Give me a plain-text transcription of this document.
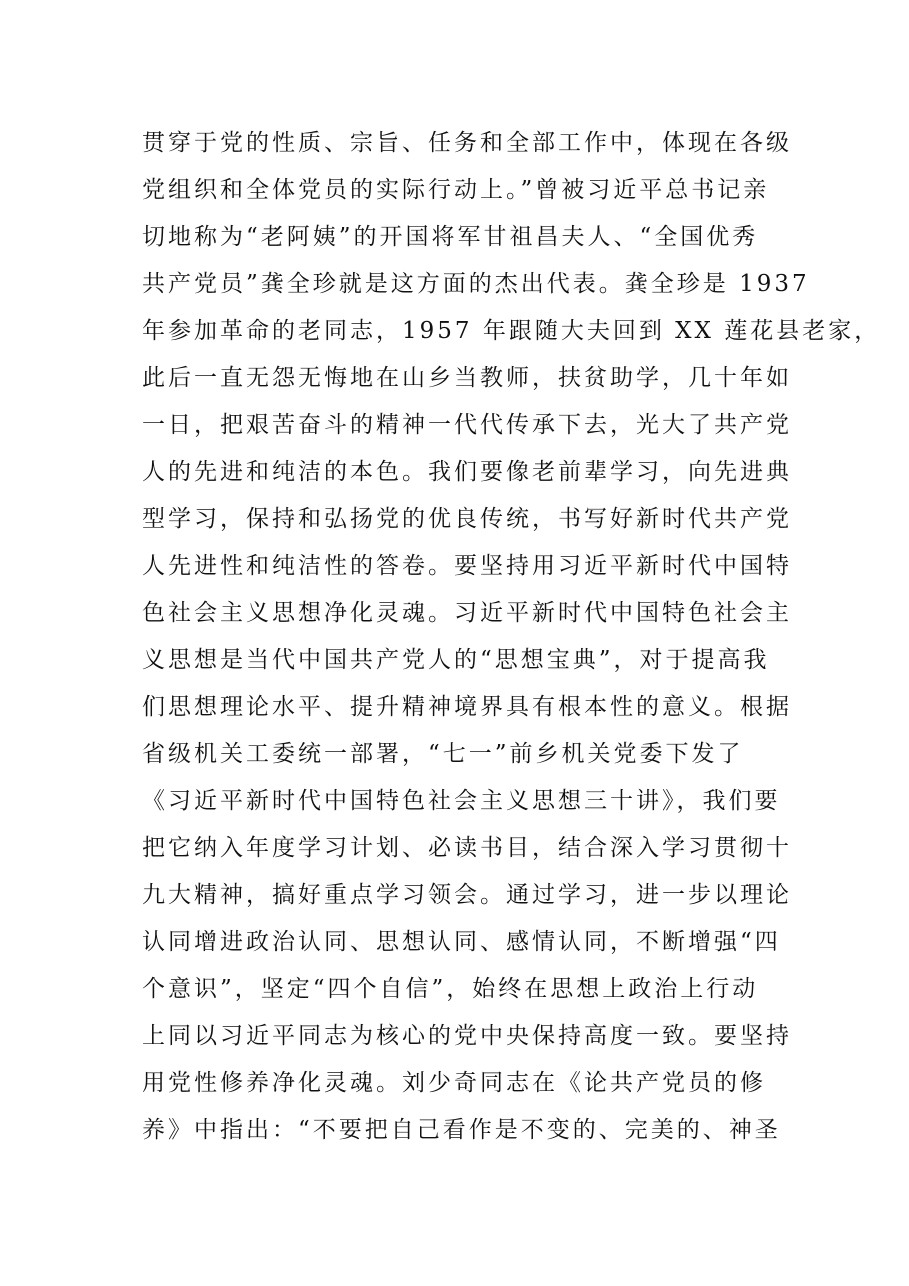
贯穿于党的性质、宗旨、任务和全部工作中，体现在各级
党组织和全体党员的实际行动上。”曾被习近平总书记亲
切地称为“老阿姨”的开国将军甘祖昌夫人、“全国优秀
共产党员”龚全珍就是这方面的杰出代表。龚全珍是 1937
年参加革命的老同志，1957 年跟随大夫回到 XX 莲花县老家，
此后一直无怨无悔地在山乡当教师，扶贫助学，几十年如
一日，把艰苦奋斗的精神一代代传承下去，光大了共产党
人的先进和纯洁的本色。我们要像老前辈学习，向先进典
型学习，保持和弘扬党的优良传统，书写好新时代共产党
人先进性和纯洁性的答卷。要坚持用习近平新时代中国特
色社会主义思想净化灵魂。习近平新时代中国特色社会主
义思想是当代中国共产党人的“思想宝典”，对于提高我
们思想理论水平、提升精神境界具有根本性的意义。根据
省级机关工委统一部署，“七一”前乡机关党委下发了
《习近平新时代中国特色社会主义思想三十讲》，我们要
把它纳入年度学习计划、必读书目，结合深入学习贯彻十
九大精神，搞好重点学习领会。通过学习，进一步以理论
认同增进政治认同、思想认同、感情认同，不断增强“四
个意识”，坚定“四个自信”，始终在思想上政治上行动
上同以习近平同志为核心的党中央保持高度一致。要坚持
用党性修养净化灵魂。刘少奇同志在《论共产党员的修
养》中指出：“不要把自己看作是不变的、完美的、神圣
